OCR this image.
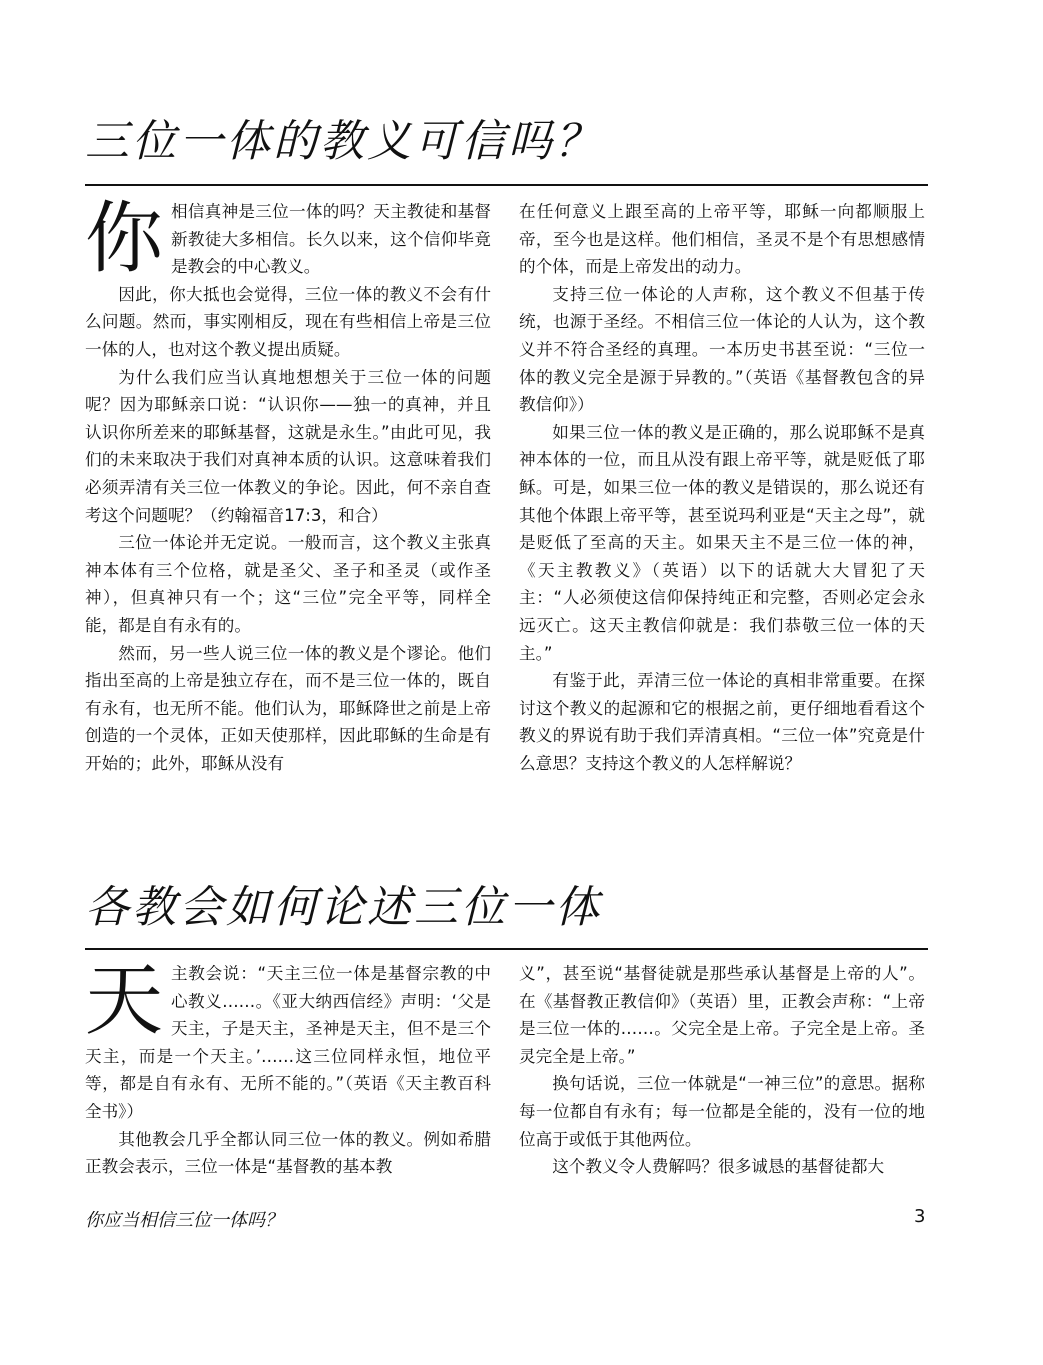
三位一体的教义可信吗？

你相信真神是三位一体的吗？天主教徒和基督新教徒大多相信。长久以来，这个信仰毕竟是教会的中心教义。

因此，你大抵也会觉得，三位一体的教义不会有什么问题。然而，事实刚相反，现在有些相信上帝是三位一体的人，也对这个教义提出质疑。

为什么我们应当认真地想想关于三位一体的问题呢？因为耶稣亲口说：“认识你——独一的真神，并且认识你所差来的耶稣基督，这就是永生。”由此可见，我们的未来取决于我们对真神本质的认识。这意味着我们必须弄清有关三位一体教义的争论。因此，何不亲自查考这个问题呢？（约翰福音17:3，和合）

三位一体论并无定说。一般而言，这个教义主张真神本体有三个位格，就是圣父、圣子和圣灵（或作圣神），但真神只有一个；这“三位”完全平等，同样全能，都是自有永有的。

然而，另一些人说三位一体的教义是个谬论。他们指出至高的上帝是独立存在，而不是三位一体的，既自有永有，也无所不能。他们认为，耶稣降世之前是上帝创造的一个灵体，正如天使那样，因此耶稣的生命是有开始的；此外，耶稣从没有

在任何意义上跟至高的上帝平等，耶稣一向都顺服上帝，至今也是这样。他们相信，圣灵不是个有思想感情的个体，而是上帝发出的动力。

支持三位一体论的人声称，这个教义不但基于传统，也源于圣经。不相信三位一体论的人认为，这个教义并不符合圣经的真理。一本历史书甚至说：“三位一体的教义完全是源于异教的。”（英语《基督教包含的异教信仰》）

如果三位一体的教义是正确的，那么说耶稣不是真神本体的一位，而且从没有跟上帝平等，就是贬低了耶稣。可是，如果三位一体的教义是错误的，那么说还有其他个体跟上帝平等，甚至说玛利亚是“天主之母”，就是贬低了至高的天主。如果天主不是三位一体的神，《天主教教义》（英语）以下的话就大大冒犯了天主：“人必须使这信仰保持纯正和完整，否则必定会永远灭亡。这天主教信仰就是：我们恭敬三位一体的天主。”

有鉴于此，弄清三位一体论的真相非常重要。在探讨这个教义的起源和它的根据之前，更仔细地看看这个教义的界说有助于我们弄清真相。“三位一体”究竟是什么意思？支持这个教义的人怎样解说？

各教会如何论述三位一体

天主教会说：“天主三位一体是基督宗教的中心教义……。《亚大纳西信经》声明：‘父是天主，子是天主，圣神是天主，但不是三个天主，而是一个天主。’……这三位同样永恒，地位平等，都是自有永有、无所不能的。”（英语《天主教百科全书》）

其他教会几乎全都认同三位一体的教义。例如希腊正教会表示，三位一体是“基督教的基本教

义”，甚至说“基督徒就是那些承认基督是上帝的人”。在《基督教正教信仰》（英语）里，正教会声称：“上帝是三位一体的……。父完全是上帝。子完全是上帝。圣灵完全是上帝。”

换句话说，三位一体就是“一神三位”的意思。据称每一位都自有永有；每一位都是全能的，没有一位的地位高于或低于其他两位。

这个教义令人费解吗？很多诚恳的基督徒都大

你应当相信三位一体吗？	3
